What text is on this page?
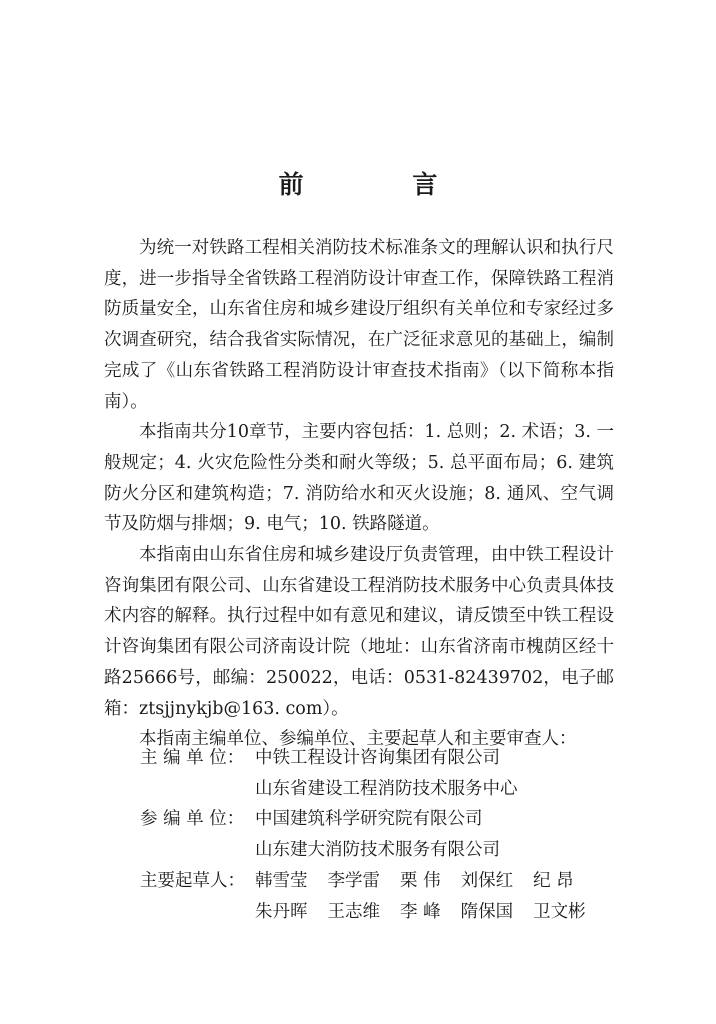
前 言

为统一对铁路工程相关消防技术标准条文的理解认识和执行尺度，进一步指导全省铁路工程消防设计审查工作，保障铁路工程消防质量安全，山东省住房和城乡建设厅组织有关单位和专家经过多次调查研究，结合我省实际情况，在广泛征求意见的基础上，编制完成了《山东省铁路工程消防设计审查技术指南》（以下简称本指南）。

本指南共分10章节，主要内容包括：1. 总则；2. 术语；3. 一般规定；4. 火灾危险性分类和耐火等级；5. 总平面布局；6. 建筑防火分区和建筑构造；7. 消防给水和灭火设施；8. 通风、空气调节及防烟与排烟；9. 电气；10. 铁路隧道。

本指南由山东省住房和城乡建设厅负责管理，由中铁工程设计咨询集团有限公司、山东省建设工程消防技术服务中心负责具体技术内容的解释。执行过程中如有意见和建议，请反馈至中铁工程设计咨询集团有限公司济南设计院（地址：山东省济南市槐荫区经十路25666号，邮编：250022，电话：0531-82439702，电子邮箱：ztsjjnykjb@163. com）。

本指南主编单位、参编单位、主要起草人和主要审查人：

主 编 单 位： 中铁工程设计咨询集团有限公司
山东省建设工程消防技术服务中心
参 编 单 位： 中国建筑科学研究院有限公司
山东建大消防技术服务有限公司
主要起草人： 韩雪莹 李学雷 栗 伟 刘保红 纪 昂
朱丹晖 王志维 李 峰 隋保国 卫文彬
